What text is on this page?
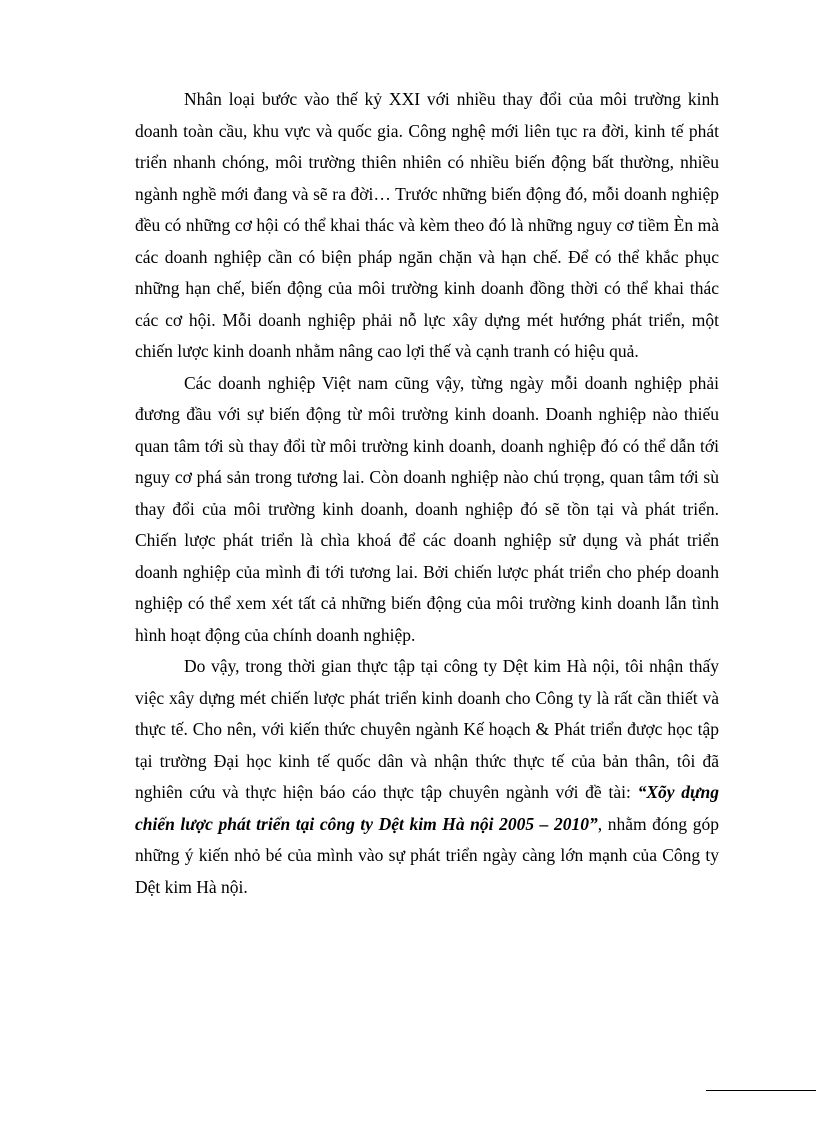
Nhân loại bước vào thế kỷ XXI với nhiều thay đổi của môi trường kinh doanh toàn cầu, khu vực và quốc gia. Công nghệ mới liên tục ra đời, kinh tế phát triển nhanh chóng, môi trường thiên nhiên có nhiều biến động bất thường, nhiều ngành nghề mới đang và sẽ ra đời… Trước những biến động đó, mỗi doanh nghiệp đều có những cơ hội có thể khai thác và kèm theo đó là những nguy cơ tiềm Èn mà các doanh nghiệp cần có biện pháp ngăn chặn và hạn chế. Để có thể khắc phục những hạn chế, biến động của môi trường kinh doanh đồng thời có thể khai thác các cơ hội. Mỗi doanh nghiệp phải nỗ lực xây dựng mét hướng phát triển, một chiến lược kinh doanh nhằm nâng cao lợi thế và cạnh tranh có hiệu quả.

Các doanh nghiệp Việt nam cũng vậy, từng ngày mỗi doanh nghiệp phải đương đầu với sự biến động từ môi trường kinh doanh. Doanh nghiệp nào thiếu quan tâm tới sù thay đổi từ môi trường kinh doanh, doanh nghiệp đó có thể dẫn tới nguy cơ phá sản trong tương lai. Còn doanh nghiệp nào chú trọng, quan tâm tới sù thay đổi của môi trường kinh doanh, doanh nghiệp đó sẽ tồn tại và phát triển. Chiến lược phát triển là chìa khoá để các doanh nghiệp sử dụng và phát triển doanh nghiệp của mình đi tới tương lai. Bởi chiến lược phát triển cho phép doanh nghiệp có thể xem xét tất cả những biến động của môi trường kinh doanh lẫn tình hình hoạt động của chính doanh nghiệp.

Do vậy, trong thời gian thực tập tại công ty Dệt kim Hà nội, tôi nhận thấy việc xây dựng mét chiến lược phát triển kinh doanh cho Công ty là rất cần thiết và thực tế. Cho nên, với kiến thức chuyên ngành Kế hoạch & Phát triển được học tập tại trường Đại học kinh tế quốc dân và nhận thức thực tế của bản thân, tôi đã nghiên cứu và thực hiện báo cáo thực tập chuyên ngành với đề tài: “Xõy dựng chiến lược phát triển tại công ty Dệt kim Hà nội 2005 – 2010”, nhằm đóng góp những ý kiến nhỏ bé của mình vào sự phát triển ngày càng lớn mạnh của Công ty Dệt kim Hà nội.
